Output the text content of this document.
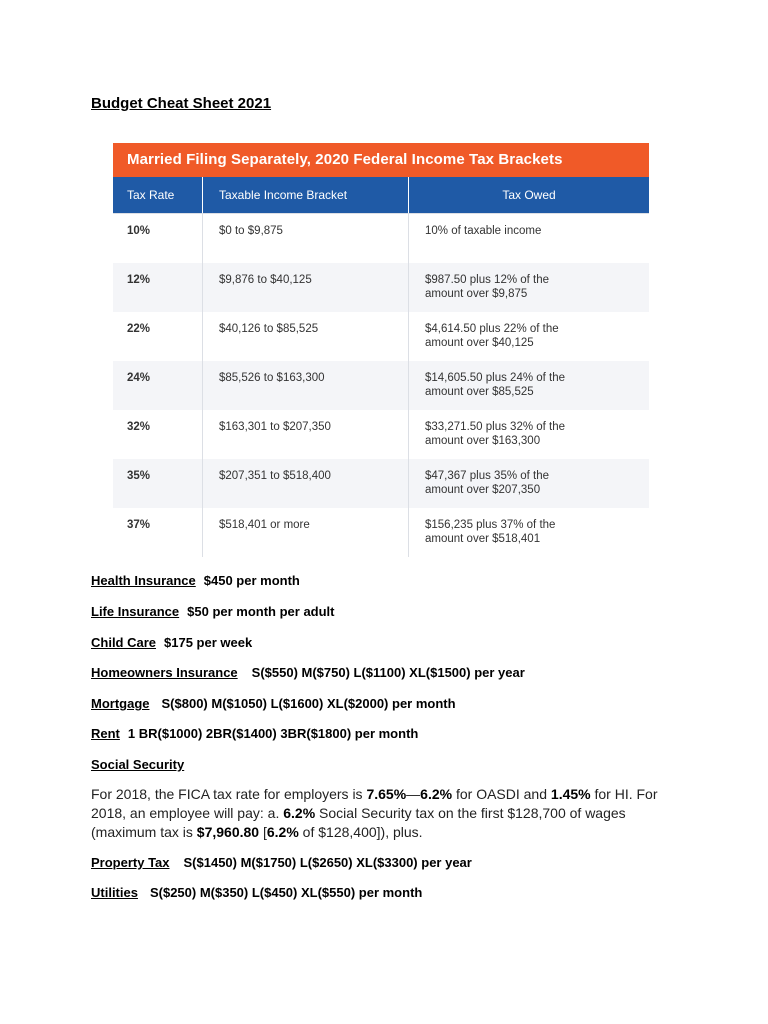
Budget Cheat Sheet 2021
Married Filing Separately, 2020 Federal Income Tax Brackets
Tax Rate	Taxable Income Bracket	Tax Owed
10%	$0 to $9,875	10% of taxable income

12%	$9,876 to $40,125	$987.50 plus 12% of the
amount over $9,875
22%	$40,126 to $85,525	$4,614.50 plus 22% of the
amount over $40,125
24%	$85,526 to $163,300	$14,605.50 plus 24% of the
amount over $85,525
32%	$163,301 to $207,350	$33,271.50 plus 32% of the
amount over $163,300
35%	$207,351 to $518,400	$47,367 plus 35% of the
amount over $207,350
37%	$518,401 or more	$156,235 plus 37% of the
amount over $518,401
Health Insurance $450 per month
Life Insurance $50 per month per adult
Child Care $175 per week
Homeowners Insurance S($550) M($750) L($1100) XL($1500) per year
Mortgage S($800) M($1050) L($1600) XL($2000) per month
Rent 1 BR($1000) 2BR($1400) 3BR($1800) per month
Social Security
For 2018, the FICA tax rate for employers is 7.65%—6.2% for OASDI and 1.45% for HI. For 2018, an employee will pay: a. 6.2% Social Security tax on the first $128,700 of wages (maximum tax is $7,960.80 [6.2% of $128,400]), plus.
Property Tax S($1450) M($1750) L($2650) XL($3300) per year
Utilities S($250) M($350) L($450) XL($550) per month
